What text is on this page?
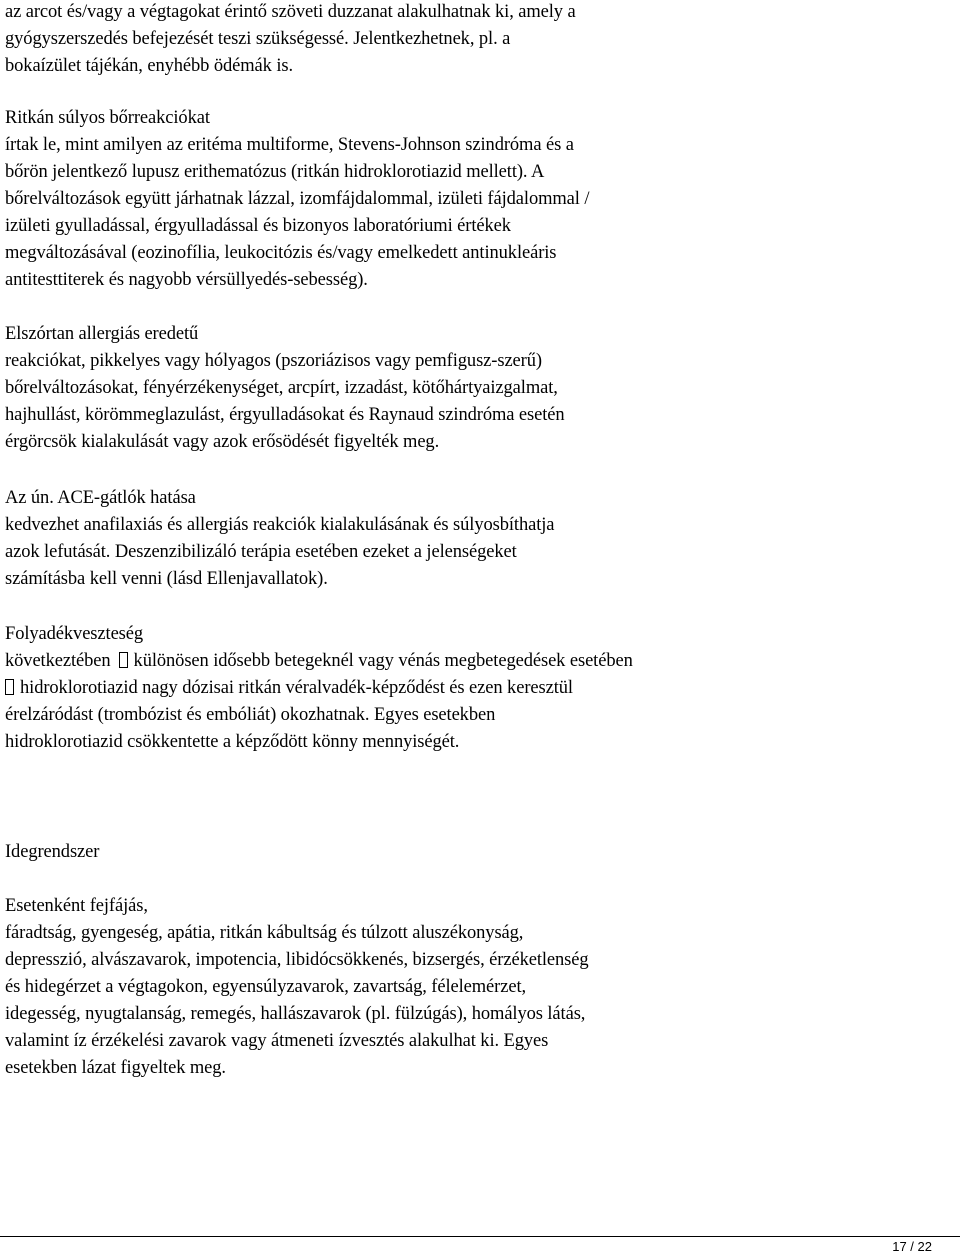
az arcot és/vagy a végtagokat érintő szöveti duzzanat alakulhatnak ki, amely a
gyógyszerszedés befejezését teszi szükségessé. Jelentkezhetnek, pl. a
bokaízület tájékán, enyhébb ödémák is.
Ritkán súlyos bőrreakciókat
írtak le, mint amilyen az eritéma multiforme, Stevens-Johnson szindróma és a
bőrön jelentkező lupusz erithematózus (ritkán hidroklorotiazid mellett). A
bőrelváltozások együtt járhatnak lázzal, izomfájdalommal, izületi fájdalommal /
izületi gyulladással, érgyulladással és bizonyos laboratóriumi értékek
megváltozásával (eozinofília, leukocitózis és/vagy emelkedett antinukleáris
antitesttiterek és nagyobb vérsüllyedés-sebesség).
Elszórtan allergiás eredetű
reakciókat, pikkelyes vagy hólyagos (pszoriázisos vagy pemfigusz-szerű)
bőrelváltozásokat, fényérzékenységet, arcpírt, izzadást, kötőhártyaizgalmat,
hajhullást, körömmeglazulást, érgyulladásokat és Raynaud szindróma esetén
érgörcsök kialakulását vagy azok erősödését figyelték meg.
Az ún. ACE-gátlók hatása
kedvezhet anafilaxiás és allergiás reakciók kialakulásának és súlyosbíthatja
azok lefutását. Deszenzibilizáló terápia esetében ezeket a jelenségeket
számításba kell venni (lásd Ellenjavallatok).
Folyadékveszteség
következtében különösen idősebb betegeknél vagy vénás megbetegedések esetében
hidroklorotiazid nagy dózisai ritkán véralvadék-képződést és ezen keresztül
érelzáródást (trombózist és embóliát) okozhatnak. Egyes esetekben
hidroklorotiazid csökkentette a képződött könny mennyiségét.
Idegrendszer
Esetenként fejfájás,
fáradtság, gyengeség, apátia, ritkán kábultság és túlzott aluszékonyság,
depresszió, alvászavarok, impotencia, libidócsökkenés, bizsergés, érzéketlenség
és hidegérzet a végtagokon, egyensúlyzavarok, zavartság, félelemérzet,
idegesség, nyugtalanság, remegés, hallászavarok (pl. fülzúgás), homályos látás,
valamint íz érzékelési zavarok vagy átmeneti ízvesztés alakulhat ki. Egyes
esetekben lázat figyeltek meg.
17 / 22
